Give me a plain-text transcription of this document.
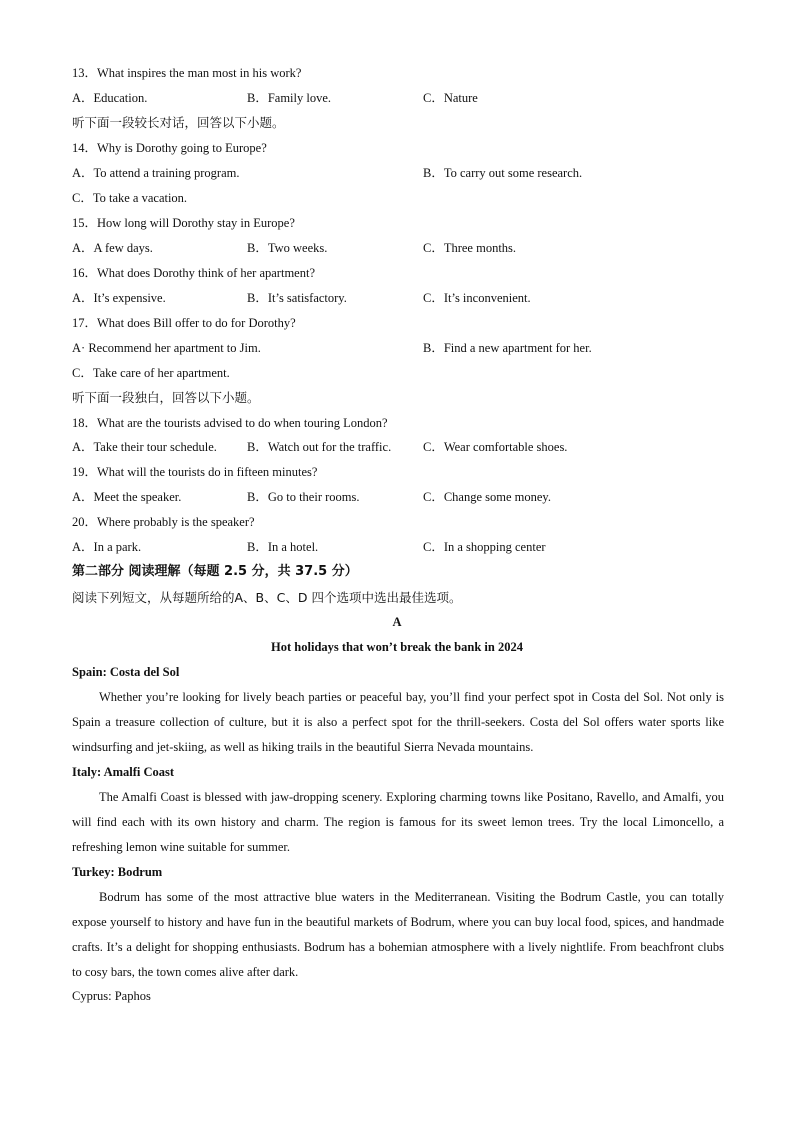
13．What inspires the man most in his work?
A．Education.	B．Family love.	C．Nature
听下面一段较长对话，回答以下小题。
14．Why is Dorothy going to Europe?
A．To attend a training program.	B．To carry out some research.
C．To take a vacation.
15．How long will Dorothy stay in Europe?
A．A few days.	B．Two weeks.	C．Three months.
16．What does Dorothy think of her apartment?
A．It’s expensive.	B．It’s satisfactory.	C．It’s inconvenient.
17．What does Bill offer to do for Dorothy?
A· Recommend her apartment to Jim.	B．Find a new apartment for her.
C．Take care of her apartment.
听下面一段独白，回答以下小题。
18．What are the tourists advised to do when touring London?
A．Take their tour schedule. B．Watch out for the traffic.	C．Wear comfortable shoes.
19．What will the tourists do in fifteen minutes?
A．Meet the speaker.	B．Go to their rooms.	C．Change some money.
20．Where probably is the speaker?
A．In a park.	B．In a hotel.	C．In a shopping center
第二部分 阅读理解（每题 2.5 分，共 37.5 分）
阅读下列短文，从每题所给的A、B、C、D 四个选项中选出最佳选项。
A
Hot holidays that won’t break the bank in 2024
Spain: Costa del Sol

Whether you’re looking for lively beach parties or peaceful bay, you’ll find your perfect spot in Costa del Sol. Not only is Spain a treasure collection of culture, but it is also a perfect spot for the thrill-seekers. Costa del Sol offers water sports like windsurfing and jet-skiing, as well as hiking trails in the beautiful Sierra Nevada mountains.

Italy: Amalfi Coast

The Amalfi Coast is blessed with jaw-dropping scenery. Exploring charming towns like Positano, Ravello, and Amalfi, you will find each with its own history and charm. The region is famous for its sweet lemon trees. Try the local Limoncello, a refreshing lemon wine suitable for summer.

Turkey: Bodrum

Bodrum has some of the most attractive blue waters in the Mediterranean. Visiting the Bodrum Castle, you can totally expose yourself to history and have fun in the beautiful markets of Bodrum, where you can buy local food, spices, and handmade crafts. It’s a delight for shopping enthusiasts. Bodrum has a bohemian atmosphere with a lively nightlife. From beachfront clubs to cosy bars, the town comes alive after dark.

Cyprus: Paphos
